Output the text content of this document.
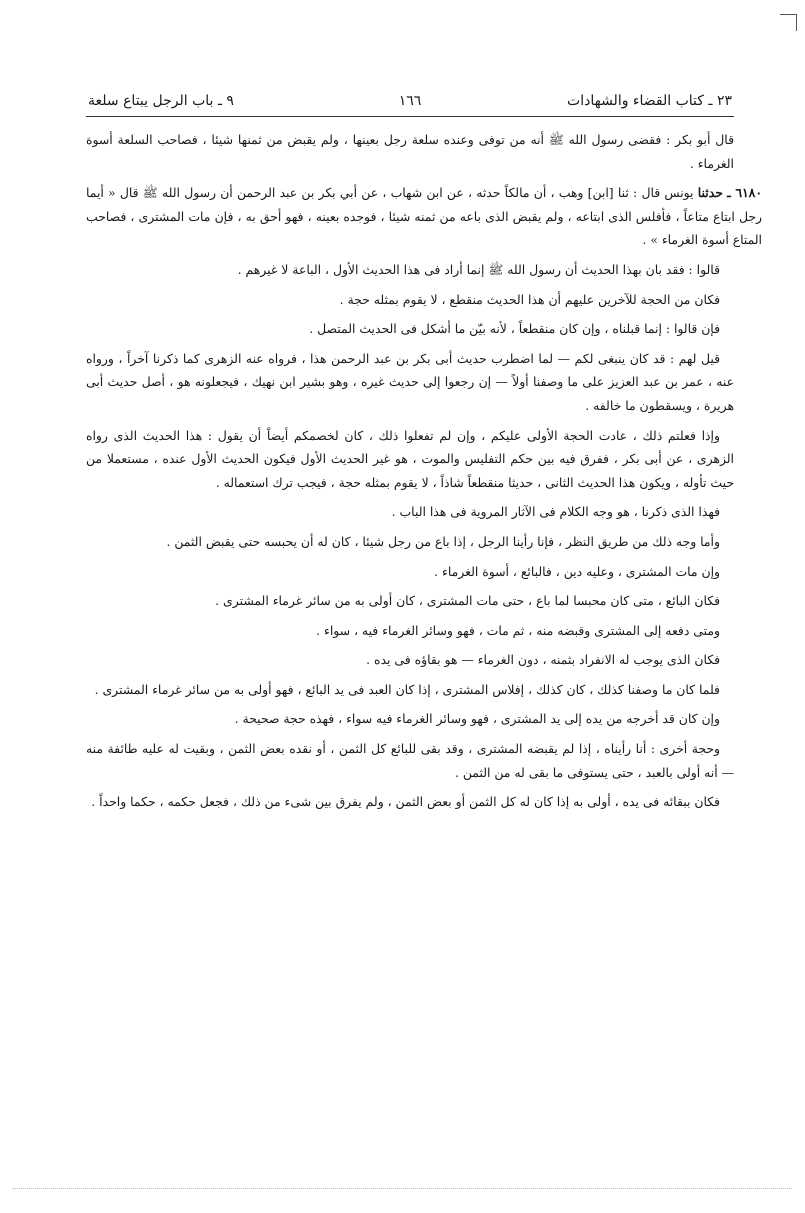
٢٣ ـ كتاب القضاء والشهادات
١٦٦
٩ ـ باب الرجل يبتاع سلعة

قال أبو بكر : فقضى رسول الله ﷺ أنه من توفى وعنده سلعة رجل بعينها ، ولم يقبض من ثمنها شيئا ، فصاحب السلعة أسوة الغرماء .

٦١٨٠ ـ حدثنا يونس قال : ثنا [ابن] وهب ، أن مالكاً حدثه ، عن ابن شهاب ، عن أبي بكر بن عبد الرحمن أن رسول الله ﷺ قال « أيما رجل ابتاع متاعاً ، فأفلس الذى ابتاعه ، ولم يقبض الذى باعه من ثمنه شيئا ، فوجده بعينه ، فهو أحق به ، فإن مات المشترى ، فصاحب المتاع أسوة الغرماء » .

قالوا : فقد بان بهذا الحديث أن رسول الله ﷺ إنما أراد فى هذا الحديث الأول ، الباعة لا غيرهم .

فكان من الحجة للآخرين عليهم أن هذا الحديث منقطع ، لا يقوم بمثله حجة .

فإن قالوا : إنما قبلناه ، وإن كان منقطعاً ، لأنه بيّن ما أشكل فى الحديث المتصل .

قيل لهم : قد كان ينبغى لكم — لما اضطرب حديث أبى بكر بن عبد الرحمن هذا ، فرواه عنه الزهرى كما ذكرنا آخراً ، ورواه عنه ، عمر بن عبد العزيز على ما وصفنا أولاً — إن رجعوا إلى حديث غيره ، وهو بشير ابن نهيك ، فيجعلونه هو ، أصل حديث أبى هريرة ، ويسقطون ما خالفه .

وإذا فعلتم ذلك ، عادت الحجة الأولى عليكم ، وإن لم تفعلوا ذلك ، كان لخصمكم أيضاً أن يقول : هذا الحديث الذى رواه الزهرى ، عن أبى بكر ، ففرق فيه بين حكم التفليس والموت ، هو غير الحديث الأول فيكون الحديث الأول عنده ، مستعملا من حيث تأوله ، ويكون هذا الحديث الثانى ، حديثا منقطعاً شاذاً ، لا يقوم بمثله حجة ، فيجب ترك استعماله .

فهذا الذى ذكرنا ، هو وجه الكلام فى الآثار المروية فى هذا الباب .

وأما وجه ذلك من طريق النظر ، فإنا رأينا الرجل ، إذا باع من رجل شيئا ، كان له أن يحبسه حتى يقبض الثمن .

وإن مات المشترى ، وعليه دين ، فالبائع ، أسوة الغرماء .

فكان البائع ، متى كان محبسا لما باع ، حتى مات المشترى ، كان أولى به من سائر غرماء المشترى .

ومتى دفعه إلى المشترى وقبضه منه ، ثم مات ، فهو وسائر الغرماء فيه ، سواء .

فكان الذى يوجب له الانفراد بثمنه ، دون الغرماء — هو بقاؤه فى يده .

فلما كان ما وصفنا كذلك ، كان كذلك ، إفلاس المشترى ، إذا كان العبد فى يد البائع ، فهو أولى به من سائر غرماء المشترى .

وإن كان قد أخرجه من يده إلى يد المشترى ، فهو وسائر الغرماء فيه سواء ، فهذه حجة صحيحة .

وحجة أخرى : أنا رأيناه ، إذا لم يقبضه المشترى ، وقد بقى للبائع كل الثمن ، أو نقده بعض الثمن ، وبقيت له عليه طائفة منه — أنه أولى بالعبد ، حتى يستوفى ما بقى له من الثمن .

فكان ببقائه فى يده ، أولى به إذا كان له كل الثمن أو بعض الثمن ، ولم يفرق بين شىء من ذلك ، فجعل حكمه ، حكما واحداً .
